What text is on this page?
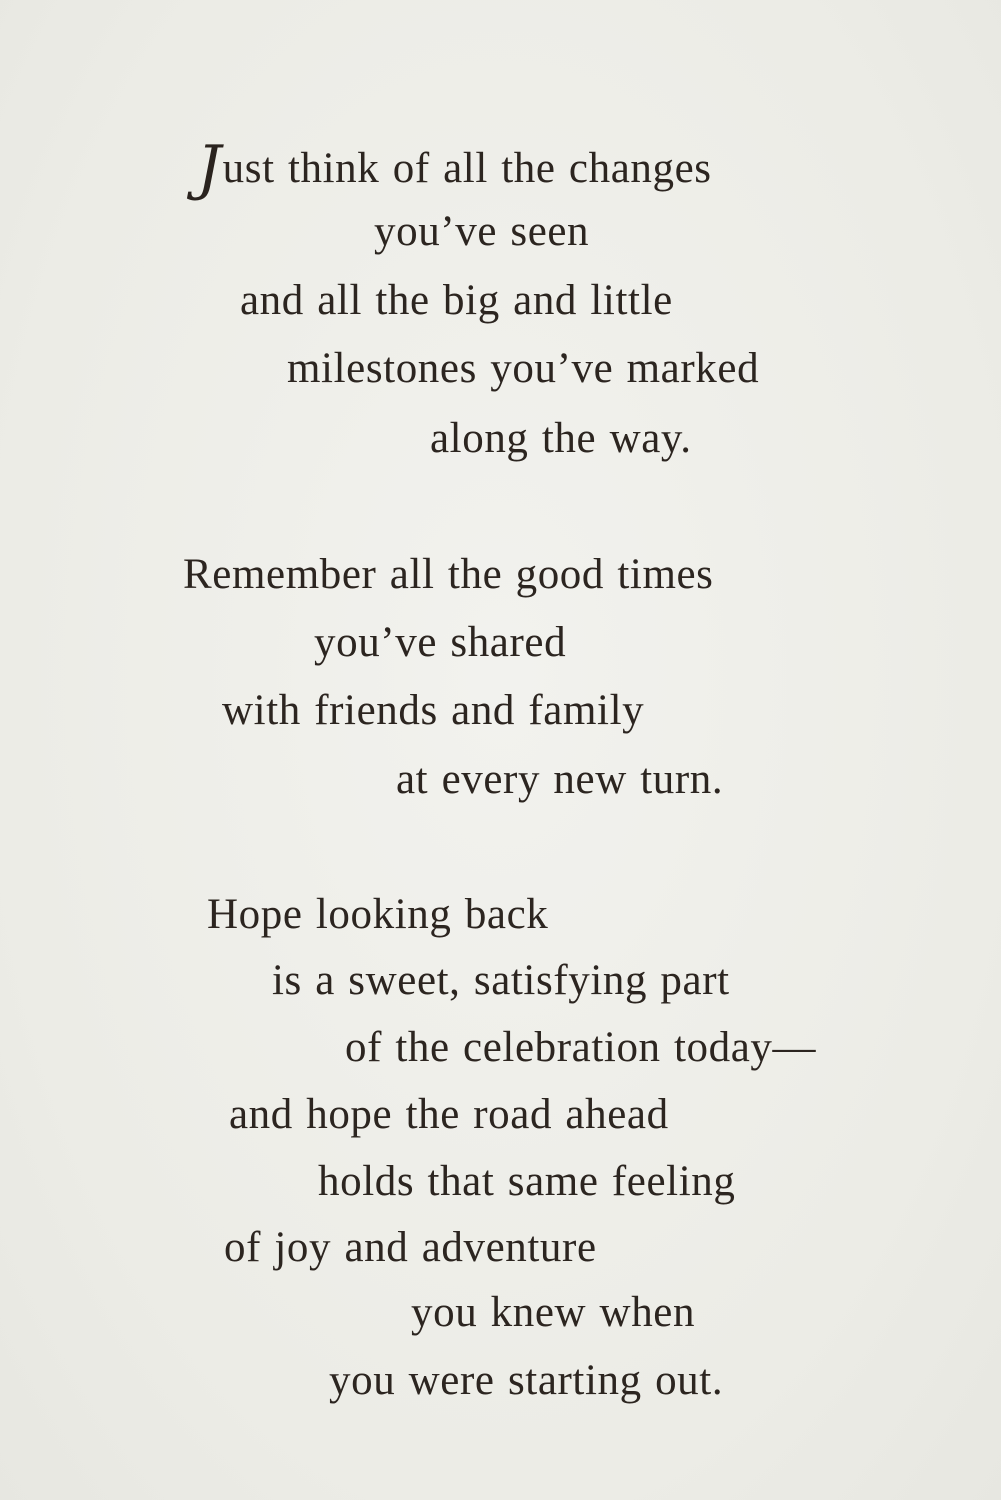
Just think of all the changes

you’ve seen

and all the big and little

milestones you’ve marked

along the way.

Remember all the good times

you’ve shared

with friends and family

at every new turn.

Hope looking back

is a sweet, satisfying part

of the celebration today—

and hope the road ahead

holds that same feeling

of joy and adventure

you knew when

you were starting out.
